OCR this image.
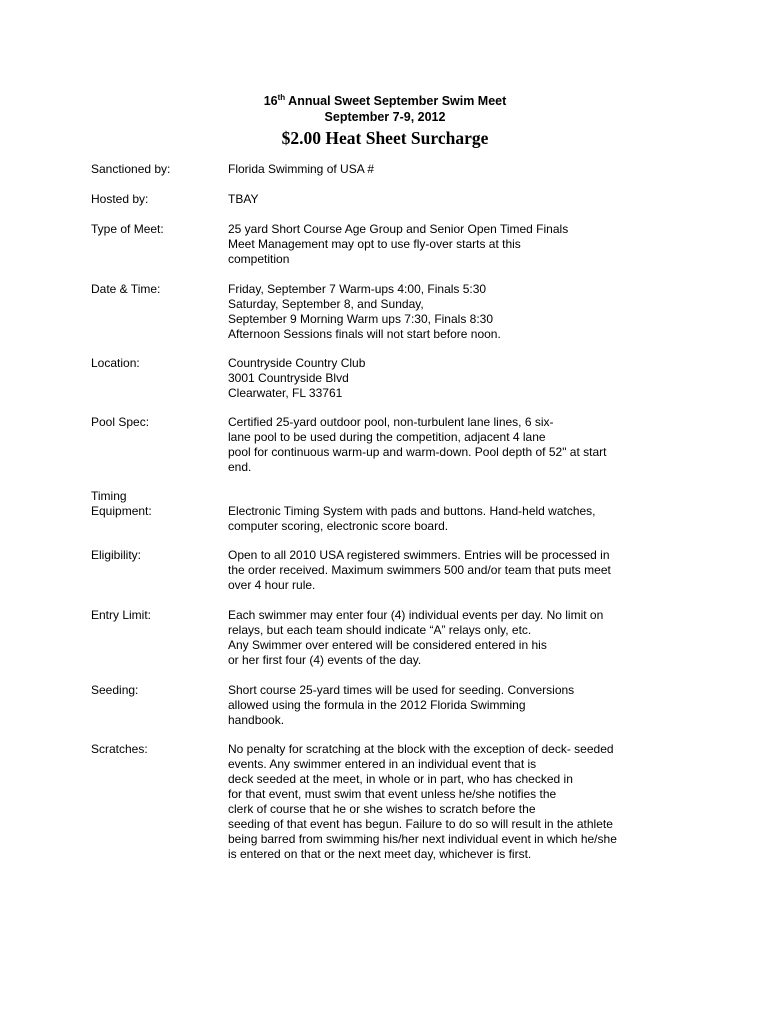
16th Annual Sweet September Swim Meet
September 7-9, 2012
$2.00 Heat Sheet Surcharge
Sanctioned by:	Florida Swimming of USA #
Hosted by:	TBAY
Type of Meet:	25 yard Short Course Age Group and Senior Open Timed Finals
Meet Management may opt to use fly-over starts at this
competition
Date & Time:	Friday, September 7 Warm-ups 4:00, Finals 5:30
Saturday, September 8, and Sunday,
September 9 Morning Warm ups 7:30, Finals 8:30
Afternoon Sessions finals will not start before noon.
Location:	Countryside Country Club
3001 Countryside Blvd
Clearwater, FL 33761
Pool Spec:	Certified 25-yard outdoor pool, non-turbulent lane lines, 6 six-
lane pool to be used during the competition, adjacent 4 lane
pool for continuous warm-up and warm-down. Pool depth of 52" at start
end.
Timing
Equipment:	Electronic Timing System with pads and buttons. Hand-held watches,
computer scoring, electronic score board.
Eligibility:	Open to all 2010 USA registered swimmers. Entries will be processed in
the order received. Maximum swimmers 500 and/or team that puts meet
over 4 hour rule.
Entry Limit:	Each swimmer may enter four (4) individual events per day. No limit on
relays, but each team should indicate “A” relays only, etc.
Any Swimmer over entered will be considered entered in his
or her first four (4) events of the day.
Seeding:	Short course 25-yard times will be used for seeding. Conversions
allowed using the formula in the 2012 Florida Swimming
handbook.
Scratches:	No penalty for scratching at the block with the exception of deck- seeded
events. Any swimmer entered in an individual event that is
deck seeded at the meet, in whole or in part, who has checked in
for that event, must swim that event unless he/she notifies the
clerk of course that he or she wishes to scratch before the
seeding of that event has begun. Failure to do so will result in the athlete
being barred from swimming his/her next individual event in which he/she
is entered on that or the next meet day, whichever is first.
